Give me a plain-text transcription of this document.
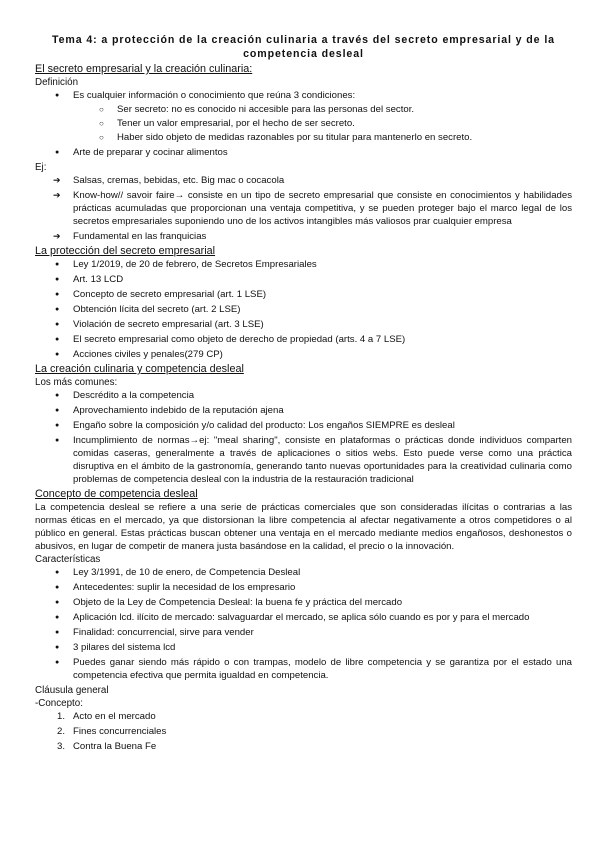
Tema 4: a protección de la creación culinaria a través del secreto empresarial y de la competencia desleal
El secreto empresarial y la creación culinaria:
Definición
● Es cualquier información o conocimiento que reúna 3 condiciones:
○ Ser secreto: no es conocido ni accesible para las personas del sector.
○ Tener un valor empresarial, por el hecho de ser secreto.
○ Haber sido objeto de medidas razonables por su titular para mantenerlo en secreto.
● Arte de preparar y cocinar alimentos
Ej:
➔ Salsas, cremas, bebidas, etc. Big mac o cocacola
➔ Know-how// savoir faire→ consiste en un tipo de secreto empresarial que consiste en conocimientos y habilidades prácticas acumuladas que proporcionan una ventaja competitiva, y se pueden proteger bajo el marco legal de los secretos empresariales suponiendo uno de los activos intangibles más valiosos prar cualquier empresa
➔ Fundamental en las franquicias
La protección del secreto empresarial
● Ley 1/2019, de 20 de febrero, de Secretos Empresariales
● Art. 13 LCD
● Concepto de secreto empresarial (art. 1 LSE)
● Obtención lícita del secreto (art. 2 LSE)
● Violación de secreto empresarial (art. 3 LSE)
● El secreto empresarial como objeto de derecho de propiedad (arts. 4 a 7 LSE)
● Acciones civiles y penales(279 CP)
La creación culinaria y competencia desleal
Los más comunes:
● Descrédito a la competencia
● Aprovechamiento indebido de la reputación ajena
● Engaño sobre la composición y/o calidad del producto: Los engaños SIEMPRE es desleal
● Incumplimiento de normas→ej: "meal sharing", consiste en plataformas o prácticas donde individuos comparten comidas caseras, generalmente a través de aplicaciones o sitios webs. Esto puede verse como una práctica disruptiva en el ámbito de la gastronomía, generando tanto nuevas oportunidades para la creatividad culinaria como problemas de competencia desleal con la industria de la restauración tradicional
Concepto de competencia desleal
La competencia desleal se refiere a una serie de prácticas comerciales que son consideradas ilícitas o contrarias a las normas éticas en el mercado, ya que distorsionan la libre competencia al afectar negativamente a otros competidores o al público en general. Estas prácticas buscan obtener una ventaja en el mercado mediante medios engañosos, deshonestos o abusivos, en lugar de competir de manera justa basándose en la calidad, el precio o la innovación.
Características
● Ley 3/1991, de 10 de enero, de Competencia Desleal
● Antecedentes: suplir la necesidad de los empresario
● Objeto de la Ley de Competencia Desleal: la buena fe y práctica del mercado
● Aplicación lcd. ilícito de mercado: salvaguardar el mercado, se aplica sólo cuando es por y para el mercado
● Finalidad: concurrencial, sirve para vender
● 3 pilares del sistema lcd
● Puedes ganar siendo más rápido o con trampas, modelo de libre competencia y se garantiza por el estado una competencia efectiva que permita igualdad en competencia.
Cláusula general
-Concepto:
1. Acto en el mercado
2. Fines concurrenciales
3. Contra la Buena Fe
